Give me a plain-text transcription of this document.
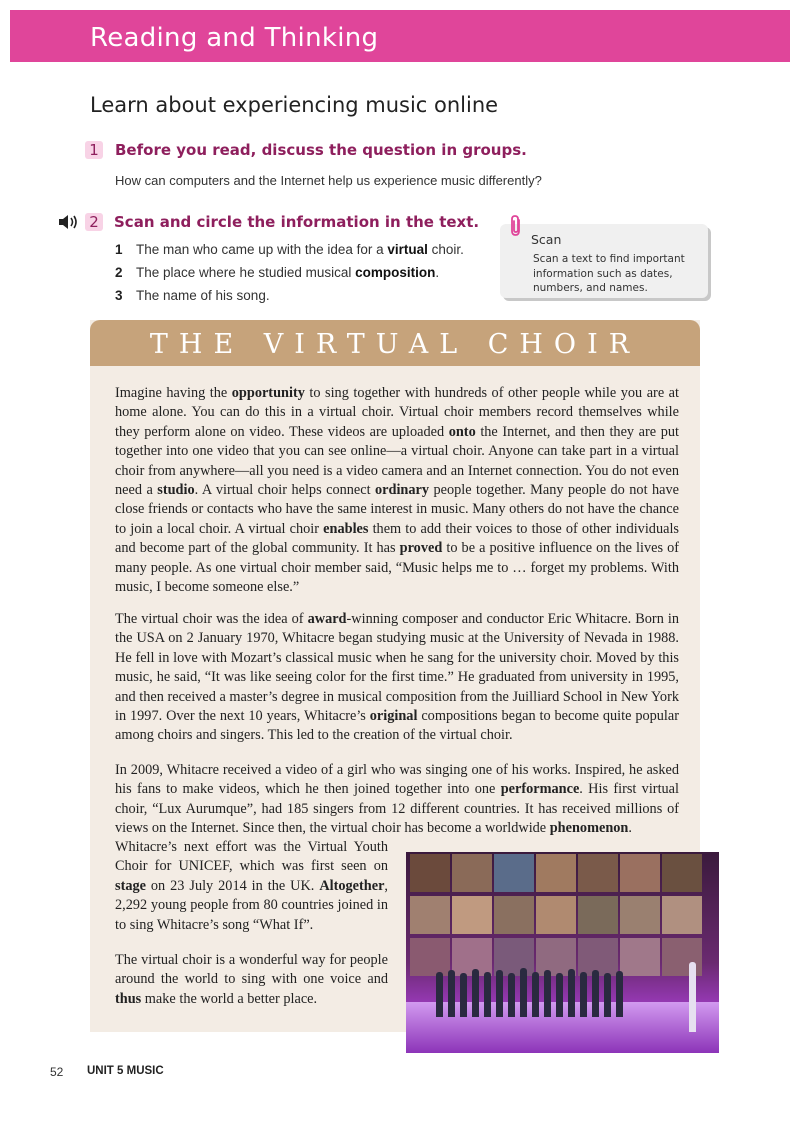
Reading and Thinking
Learn about experiencing music online
1 Before you read, discuss the question in groups.
How can computers and the Internet help us experience music differently?
2 Scan and circle the information in the text.
1 The man who came up with the idea for a virtual choir.
2 The place where he studied musical composition.
3 The name of his song.
Scan
Scan a text to find important information such as dates, numbers, and names.
THE VIRTUAL CHOIR

Imagine having the opportunity to sing together with hundreds of other people while you are at home alone. You can do this in a virtual choir. Virtual choir members record themselves while they perform alone on video. These videos are uploaded onto the Internet, and then they are put together into one video that you can see online—a virtual choir. Anyone can take part in a virtual choir from anywhere—all you need is a video camera and an Internet connection. You do not even need a studio. A virtual choir helps connect ordinary people together. Many people do not have close friends or contacts who have the same interest in music. Many others do not have the chance to join a local choir. A virtual choir enables them to add their voices to those of other individuals and become part of the global community. It has proved to be a positive influence on the lives of many people. As one virtual choir member said, “Music helps me to … forget my problems. With music, I become someone else.”

The virtual choir was the idea of award-winning composer and conductor Eric Whitacre. Born in the USA on 2 January 1970, Whitacre began studying music at the University of Nevada in 1988. He fell in love with Mozart’s classical music when he sang for the university choir. Moved by this music, he said, “It was like seeing color for the first time.” He graduated from university in 1995, and then received a master’s degree in musical composition from the Juilliard School in New York in 1997. Over the next 10 years, Whitacre’s original compositions began to become quite popular among choirs and singers. This led to the creation of the virtual choir.

In 2009, Whitacre received a video of a girl who was singing one of his works. Inspired, he asked his fans to make videos, which he then joined together into one performance. His first virtual choir, “Lux Aurumque”, had 185 singers from 12 different countries. It has received millions of views on the Internet. Since then, the virtual choir has become a worldwide phenomenon.

Whitacre’s next effort was the Virtual Youth Choir for UNICEF, which was first seen on stage on 23 July 2014 in the UK. Altogether, 2,292 young people from 80 countries joined in to sing Whitacre’s song “What If”.

The virtual choir is a wonderful way for people around the world to sing with one voice and thus make the world a better place.

52 UNIT 5 MUSIC
